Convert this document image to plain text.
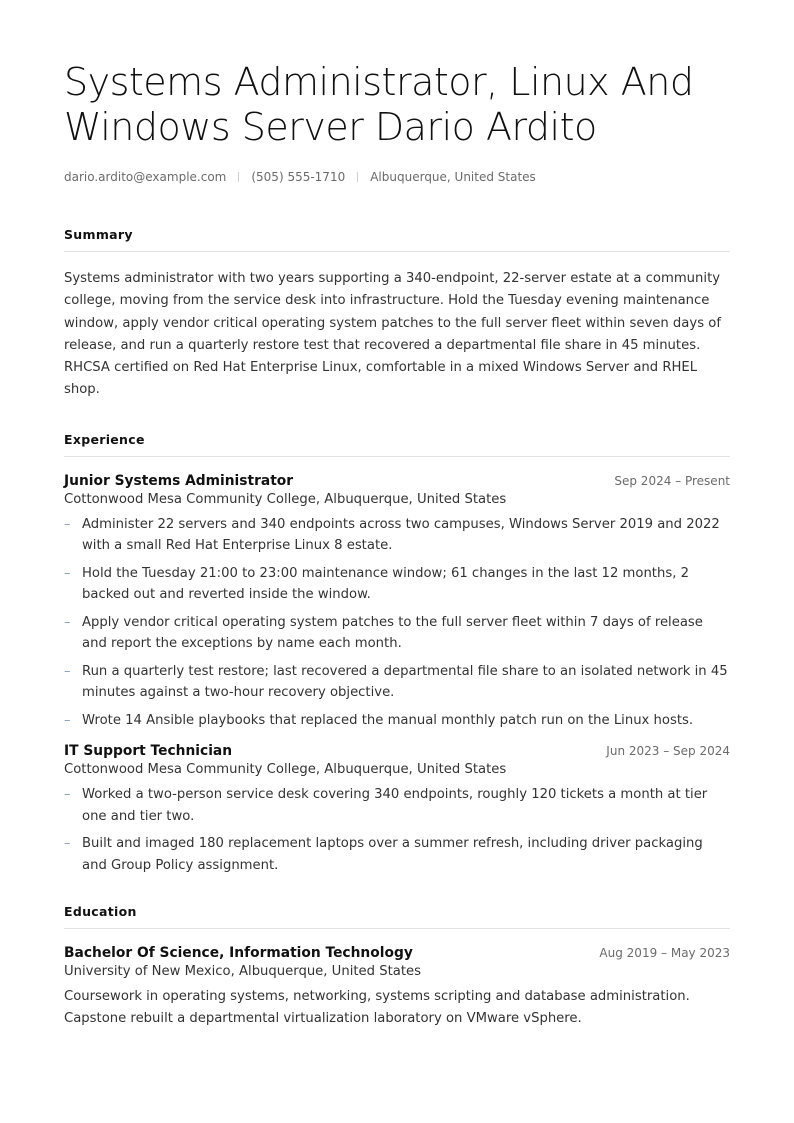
Systems Administrator, Linux And Windows Server Dario Ardito
dario.ardito@example.com (505) 555-1710 Albuquerque, United States
Summary

Systems administrator with two years supporting a 340-endpoint, 22-server estate at a community college, moving from the service desk into infrastructure. Hold the Tuesday evening maintenance window, apply vendor critical operating system patches to the full server fleet within seven days of release, and run a quarterly restore test that recovered a departmental file share in 45 minutes. RHCSA certified on Red Hat Enterprise Linux, comfortable in a mixed Windows Server and RHEL shop.

Experience
Junior Systems Administrator	Sep 2024 – Present
Cottonwood Mesa Community College, Albuquerque, United States
– Administer 22 servers and 340 endpoints across two campuses, Windows Server 2019 and 2022 with a small Red Hat Enterprise Linux 8 estate.
– Hold the Tuesday 21:00 to 23:00 maintenance window; 61 changes in the last 12 months, 2 backed out and reverted inside the window.
– Apply vendor critical operating system patches to the full server fleet within 7 days of release and report the exceptions by name each month.
– Run a quarterly test restore; last recovered a departmental file share to an isolated network in 45 minutes against a two-hour recovery objective.
– Wrote 14 Ansible playbooks that replaced the manual monthly patch run on the Linux hosts.
IT Support Technician	Jun 2023 – Sep 2024
Cottonwood Mesa Community College, Albuquerque, United States
– Worked a two-person service desk covering 340 endpoints, roughly 120 tickets a month at tier one and tier two.
– Built and imaged 180 replacement laptops over a summer refresh, including driver packaging and Group Policy assignment.
Education
Bachelor Of Science, Information Technology	Aug 2019 – May 2023
University of New Mexico, Albuquerque, United States

Coursework in operating systems, networking, systems scripting and database administration. Capstone rebuilt a departmental virtualization laboratory on VMware vSphere.
